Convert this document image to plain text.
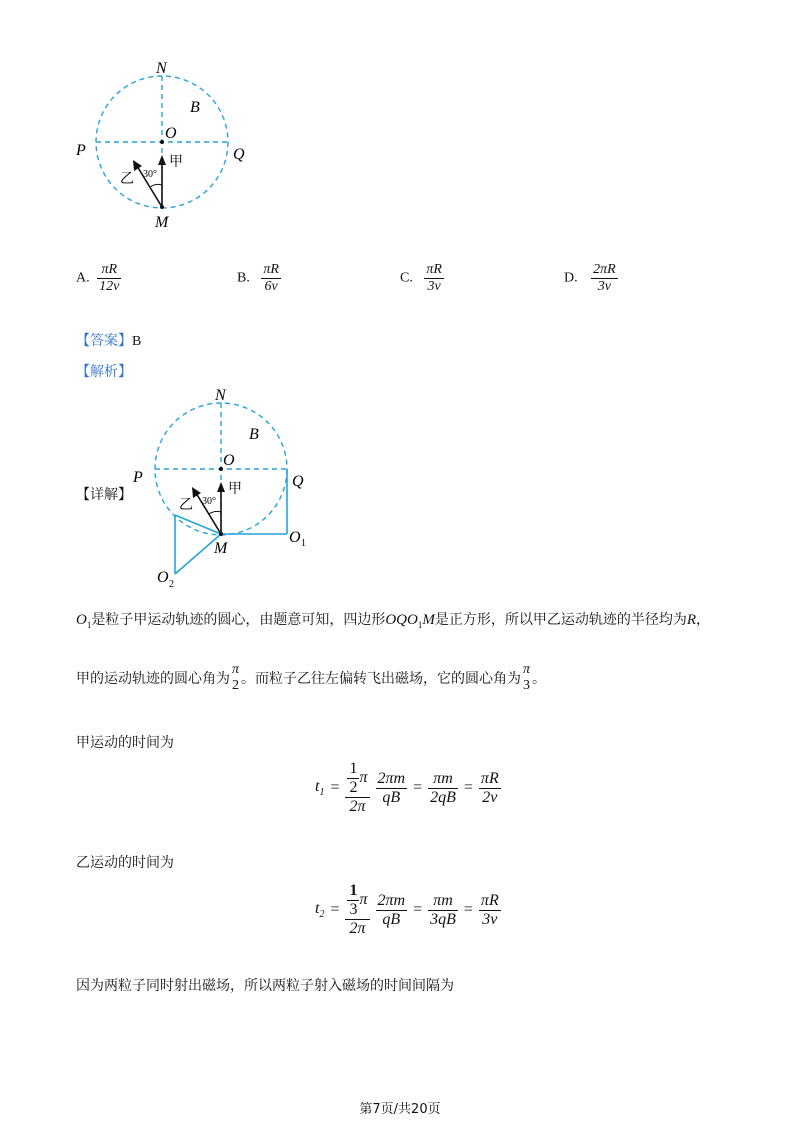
N
B
O
P	Q
M
甲
乙 30°
A. $\frac{\pi R}{12v}$	B. $\frac{\pi R}{6v}$	C. $\frac{\pi R}{3v}$	D. $\frac{2\pi R}{3v}$
【答案】B
【解析】
【详解】
N
B
O
P	Q
M
O 1
O 2
甲
乙 30°
$O_1$是粒子甲运动轨迹的圆心，由题意可知，四边形$OQO_1M$是正方形，所以甲乙运动轨迹的半径均为R，
甲的运动轨迹的圆心角为
π
2 。而粒子乙往左偏转飞出磁场，它的圆心角为
π
3 。
甲运动的时间为
$t_1 = \frac{\frac{1}{2} \pi}{2\pi} \frac{2\pi m}{qB} = \frac{\pi m}{2qB} = \frac{\pi R}{2v}$
乙运动的时间为
$t_2 = \frac{\frac{1}{3} \pi}{2\pi} \frac{2\pi m}{qB} = \frac{\pi m}{3qB} = \frac{\pi R}{3v}$
因为两粒子同时射出磁场，所以两粒子射入磁场的时间间隔为
第7页/共20页
